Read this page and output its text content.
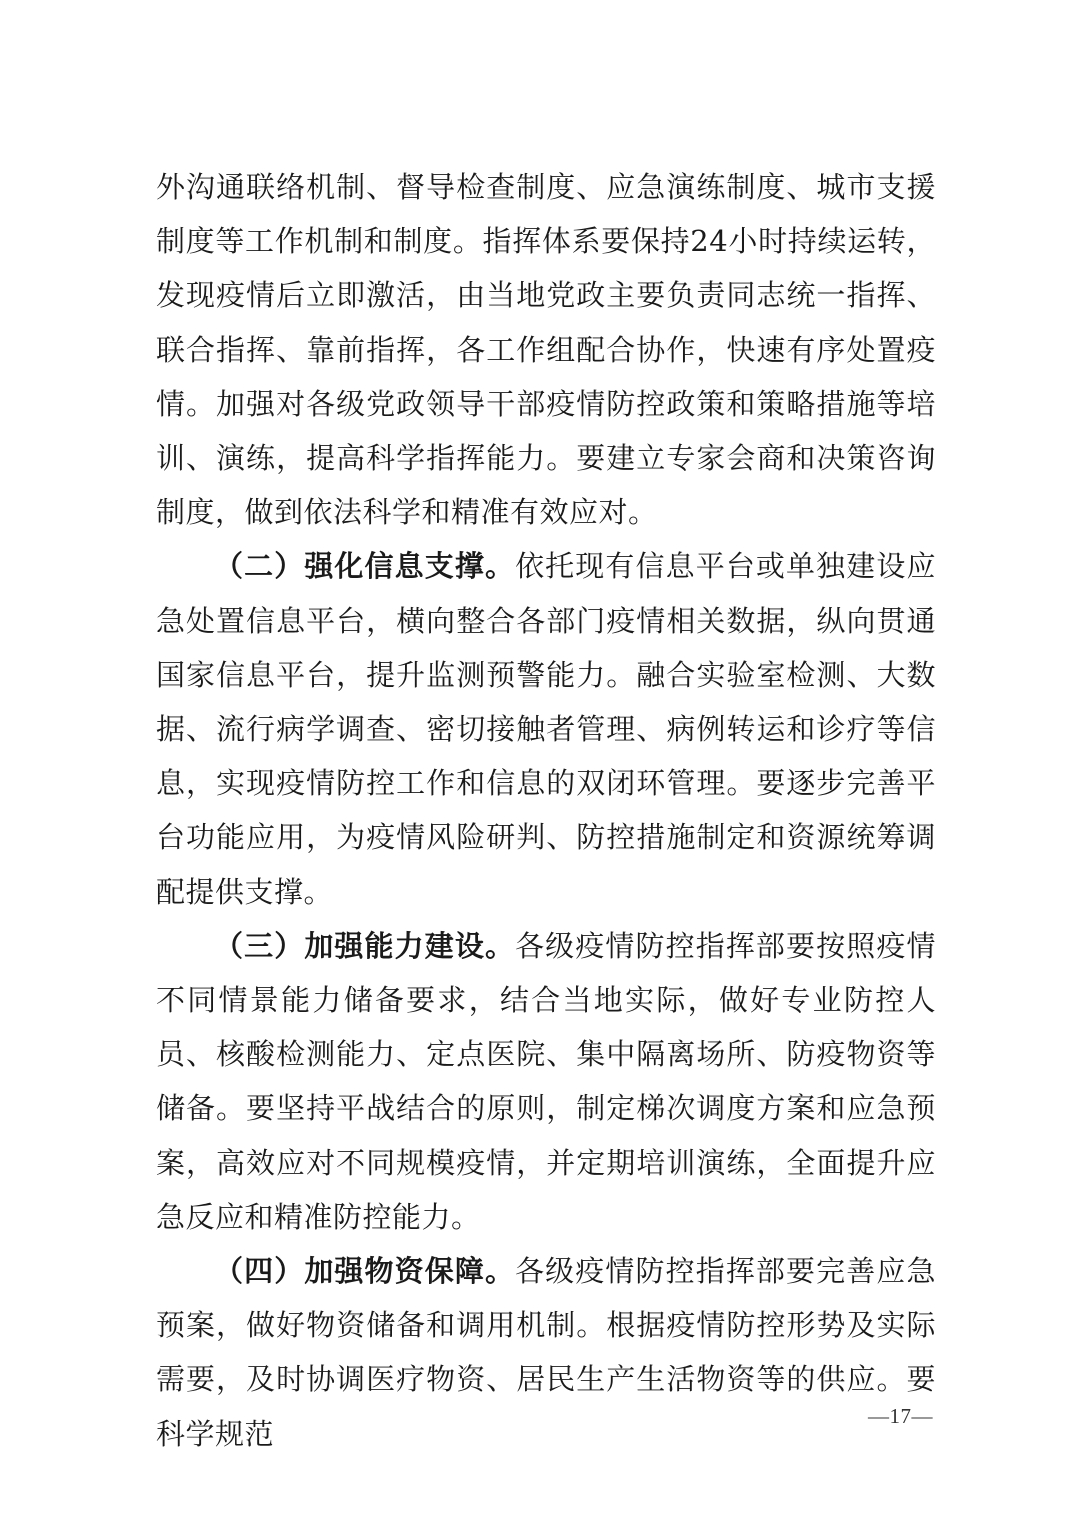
外沟通联络机制、督导检查制度、应急演练制度、城市支援制度等工作机制和制度。指挥体系要保持24小时持续运转，发现疫情后立即激活，由当地党政主要负责同志统一指挥、联合指挥、靠前指挥，各工作组配合协作，快速有序处置疫情。加强对各级党政领导干部疫情防控政策和策略措施等培训、演练，提高科学指挥能力。要建立专家会商和决策咨询制度，做到依法科学和精准有效应对。

（二）强化信息支撑。依托现有信息平台或单独建设应急处置信息平台，横向整合各部门疫情相关数据，纵向贯通国家信息平台，提升监测预警能力。融合实验室检测、大数据、流行病学调查、密切接触者管理、病例转运和诊疗等信息，实现疫情防控工作和信息的双闭环管理。要逐步完善平台功能应用，为疫情风险研判、防控措施制定和资源统筹调配提供支撑。

（三）加强能力建设。各级疫情防控指挥部要按照疫情不同情景能力储备要求，结合当地实际，做好专业防控人员、核酸检测能力、定点医院、集中隔离场所、防疫物资等储备。要坚持平战结合的原则，制定梯次调度方案和应急预案，高效应对不同规模疫情，并定期培训演练，全面提升应急反应和精准防控能力。

（四）加强物资保障。各级疫情防控指挥部要完善应急预案，做好物资储备和调用机制。根据疫情防控形势及实际需要，及时协调医疗物资、居民生产生活物资等的供应。要科学规范

—17—
